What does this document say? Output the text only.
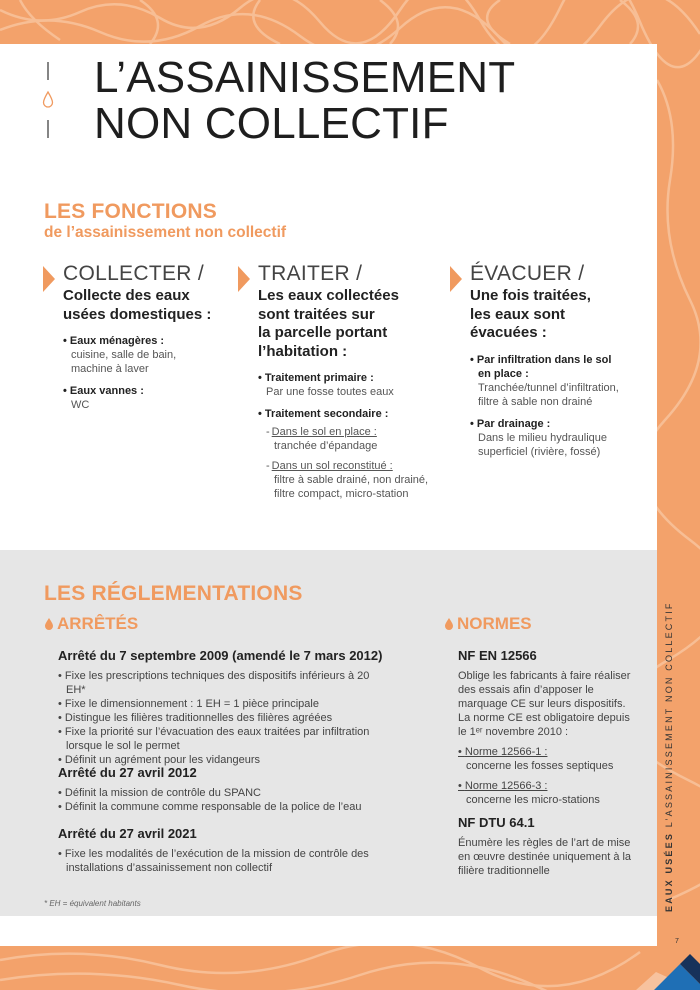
L’ASSAINISSEMENT
NON COLLECTIF
LES FONCTIONS

de l’assainissement non collectif

COLLECTER /
Collecte des eaux
usées domestiques :
• Eaux ménagères :
cuisine, salle de bain,
machine à laver
• Eaux vannes :
WC
TRAITER /
Les eaux collectées
sont traitées sur
la parcelle portant
l’habitation :
• Traitement primaire :
Par une fosse toutes eaux
• Traitement secondaire :
- Dans le sol en place :
tranchée d’épandage
- Dans un sol reconstitué :
filtre à sable drainé, non drainé,
filtre compact, micro-station
ÉVACUER /
Une fois traitées,
les eaux sont
évacuées :
• Par infiltration dans le sol
en place :
Tranchée/tunnel d’infiltration,
filtre à sable non drainé
• Par drainage :
Dans le milieu hydraulique
superficiel (rivière, fossé)
LES RÉGLEMENTATIONS
ARRÊTÉS	NORMES

Arrêté du 7 septembre 2009 (amendé le 7 mars 2012)

• Fixe les prescriptions techniques des dispositifs inférieurs à 20 EH*
• Fixe le dimensionnement : 1 EH = 1 pièce principale
• Distingue les filières traditionnelles des filières agréées
• Fixe la priorité sur l’évacuation des eaux traitées par infiltration lorsque le sol le permet
• Définit un agrément pour les vidangeurs

Arrêté du 27 avril 2012

• Définit la mission de contrôle du SPANC
• Définit la commune comme responsable de la police de l’eau

Arrêté du 27 avril 2021

• Fixe les modalités de l’exécution de la mission de contrôle des installations d’assainissement non collectif

NF EN 12566

Oblige les fabricants à faire réaliser
des essais afin d’apposer le
marquage CE sur leurs dispositifs.
La norme CE est obligatoire depuis
le 1ᵉʳ novembre 2010 :

• Norme 12566-1 :
concerne les fosses septiques
• Norme 12566-3 :
concerne les micro-stations

NF DTU 64.1

Énumère les règles de l’art de mise
en œuvre destinée uniquement à la
filière traditionnelle

* EH = équivalent habitants	EAUX USÉES L’ASSAINISSEMENT NON COLLECTIF
7
